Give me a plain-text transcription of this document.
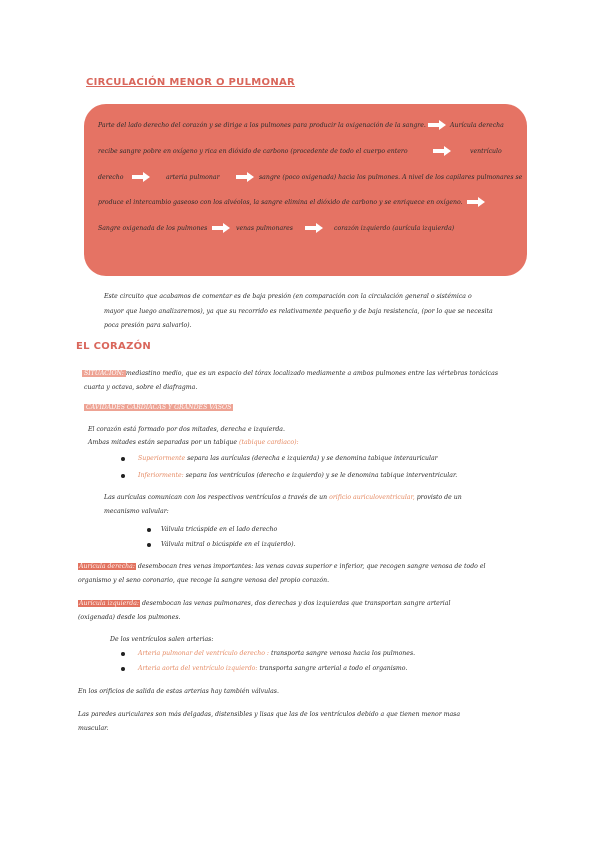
CIRCULACIÓN MENOR O PULMONAR
Parte del lado derecho del corazón y se dirige a los pulmones para producir la oxigenación de la sangre.	Aurícula derecha
recibe sangre pobre en oxígeno y rica en dióxido de carbono (procedente de todo el cuerpo entero	ventrículo
derecho	arteria pulmonar	sangre (poco oxigenada) hacia los pulmones. A nivel de los capilares pulmonares se
produce el intercambio gaseoso con los alvéolos, la sangre elimina el dióxido de carbono y se enriquece en oxígeno.
Sangre oxigenada de los pulmones	venas pulmonares	corazón izquierdo (aurícula izquierda)
Este circuito que acabamos de comentar es de baja presión (en comparación con la circulación general o sistémica o
mayor que luego analizaremos), ya que su recorrido es relativamente pequeño y de baja resistencia, (por lo que se necesita
poca presión para salvarlo).
EL CORAZÓN
SITUACIÓN: mediastino medio, que es un espacio del tórax localizado mediamente a ambos pulmones entre las vértebras torácicas
cuarta y octava, sobre el diafragma.
CAVIDADES CARDIACAS Y GRANDES VASOS
El corazón está formado por dos mitades, derecha e izquierda.
Ambas mitades están separadas por un tabique (tabique cardiaco):
Superiormente separa las aurículas (derecha e izquierda) y se denomina tabique interauricular
Inferiormente: separa los ventrículos (derecho e izquierdo) y se le denomina tabique interventricular.
Las aurículas comunican con los respectivos ventrículos a través de un orificio auriculoventricular, provisto de un
mecanismo valvular:
Válvula tricúspide en el lado derecho
Válvula mitral o bicúspide en el izquierdo).
Aurícula derecha: desembocan tres venas importantes: las venas cavas superior e inferior, que recogen sangre venosa de todo el
organismo y el seno coronario, que recoge la sangre venosa del propio corazón.
Aurícula izquierda: desembocan las venas pulmonares, dos derechas y dos izquierdas que transportan sangre arterial
(oxigenada) desde los pulmones.
De los ventrículos salen arterias:
Arteria pulmonar del ventrículo derecho : transporta sangre venosa hacia los pulmones.
Arteria aorta del ventrículo izquierdo: transporta sangre arterial a todo el organismo.
En los orificios de salida de estas arterias hay también válvulas.
Las paredes auriculares son más delgadas, distensibles y lisas que las de los ventrículos debido a que tienen menor masa
muscular.
